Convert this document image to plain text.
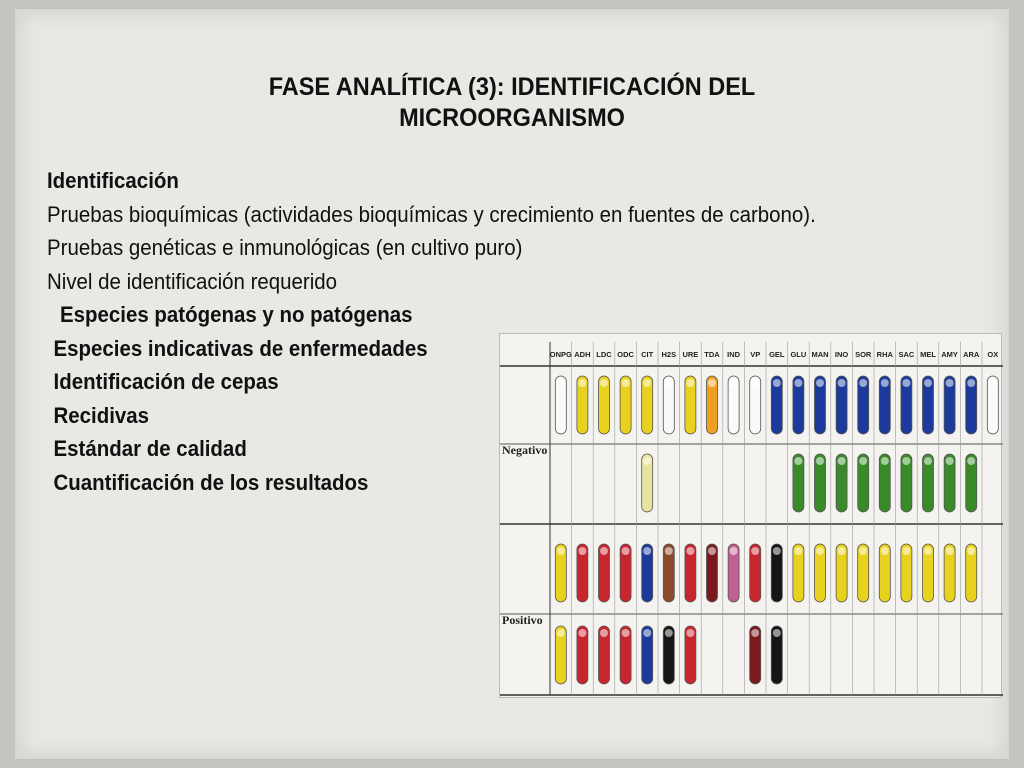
FASE ANALÍTICA (3): IDENTIFICACIÓN DEL
MICROORGANISMO
Identificación
Pruebas bioquímicas (actividades bioquímicas y crecimiento en fuentes de carbono).
Pruebas genéticas e inmunológicas (en cultivo puro)
Nivel de identificación requerido
Especies patógenas y no patógenas
Especies indicativas de enfermedades
Identificación de cepas
Recidivas
Estándar de calidad
Cuantificación de los resultados
ONPG ADH LDC ODC CIT H2S URE TDA IND VP GEL GLU MAN INO SOR RHA SAC MEL AMY ARA OX
Negativo
Positivo
